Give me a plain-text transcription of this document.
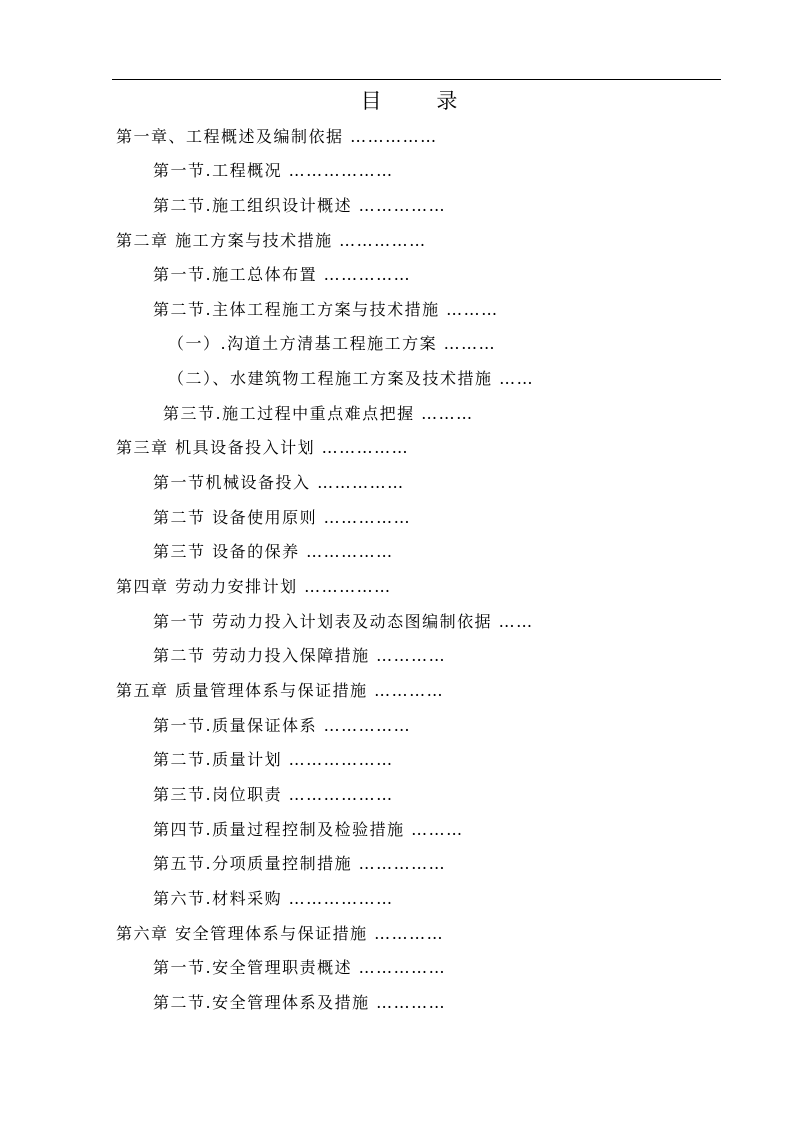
目 录
第一章、工程概述及编制依据 ……………
第一节.工程概况 ………………
第二节.施工组织设计概述 ……………
第二章 施工方案与技术措施 ……………
第一节.施工总体布置 ……………
第二节.主体工程施工方案与技术措施 ………
（一）.沟道土方清基工程施工方案 ………
（二）、水建筑物工程施工方案及技术措施 ……
第三节.施工过程中重点难点把握 ………
第三章 机具设备投入计划 ……………
第一节机械设备投入 ……………
第二节 设备使用原则 ……………
第三节 设备的保养 ……………
第四章 劳动力安排计划 ……………
第一节 劳动力投入计划表及动态图编制依据 ……
第二节 劳动力投入保障措施 …………
第五章 质量管理体系与保证措施 …………
第一节.质量保证体系 ……………
第二节.质量计划 ………………
第三节.岗位职责 ………………
第四节.质量过程控制及检验措施 ………
第五节.分项质量控制措施 ……………
第六节.材料采购 ………………
第六章 安全管理体系与保证措施 …………
第一节.安全管理职责概述 ……………
第二节.安全管理体系及措施 …………
